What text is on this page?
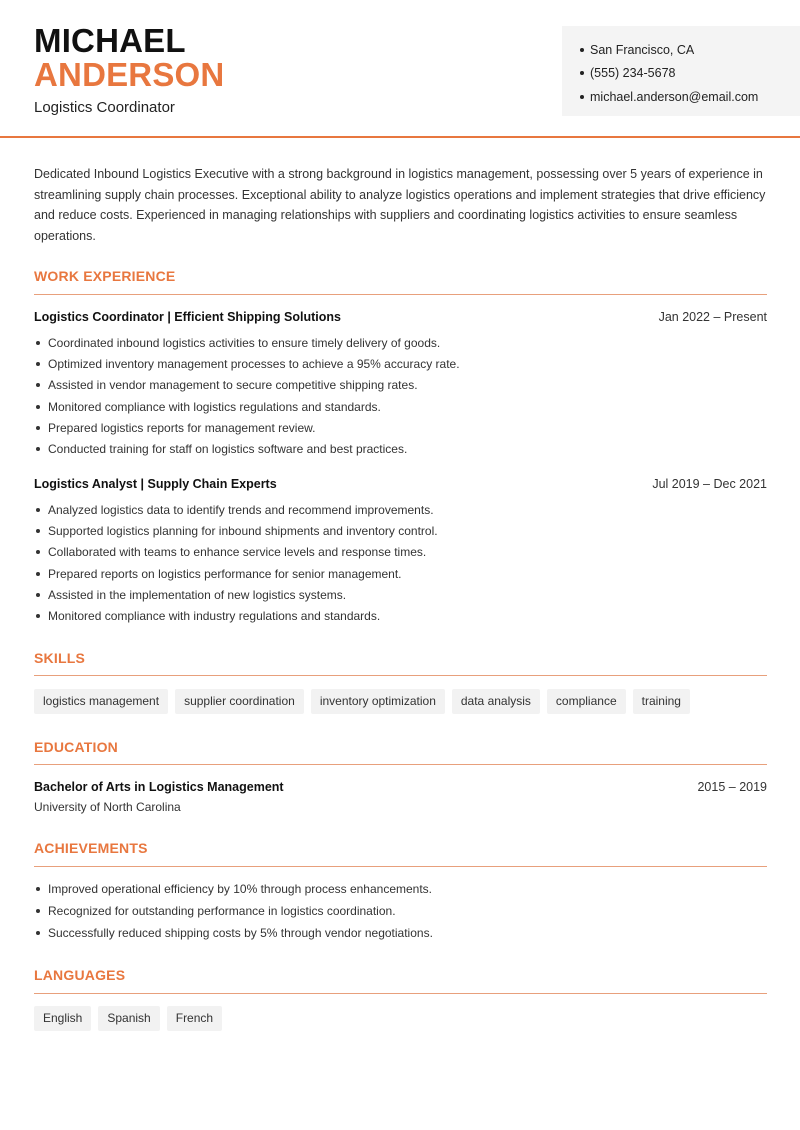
MICHAEL
ANDERSON
Logistics Coordinator
San Francisco, CA
(555) 234-5678
michael.anderson@email.com

Dedicated Inbound Logistics Executive with a strong background in logistics management, possessing over 5 years of experience in streamlining supply chain processes. Exceptional ability to analyze logistics operations and implement strategies that drive efficiency and reduce costs. Experienced in managing relationships with suppliers and coordinating logistics activities to ensure seamless operations.

WORK EXPERIENCE
Logistics Coordinator | Efficient Shipping Solutions	Jan 2022 – Present
Coordinated inbound logistics activities to ensure timely delivery of goods.
Optimized inventory management processes to achieve a 95% accuracy rate.
Assisted in vendor management to secure competitive shipping rates.
Monitored compliance with logistics regulations and standards.
Prepared logistics reports for management review.
Conducted training for staff on logistics software and best practices.
Logistics Analyst | Supply Chain Experts	Jul 2019 – Dec 2021
Analyzed logistics data to identify trends and recommend improvements.
Supported logistics planning for inbound shipments and inventory control.
Collaborated with teams to enhance service levels and response times.
Prepared reports on logistics performance for senior management.
Assisted in the implementation of new logistics systems.
Monitored compliance with industry regulations and standards.
SKILLS
logistics management	supplier coordination	inventory optimization	data analysis	compliance	training
EDUCATION
Bachelor of Arts in Logistics Management	2015 – 2019
University of North Carolina
ACHIEVEMENTS
Improved operational efficiency by 10% through process enhancements.
Recognized for outstanding performance in logistics coordination.
Successfully reduced shipping costs by 5% through vendor negotiations.
LANGUAGES
English	Spanish	French
